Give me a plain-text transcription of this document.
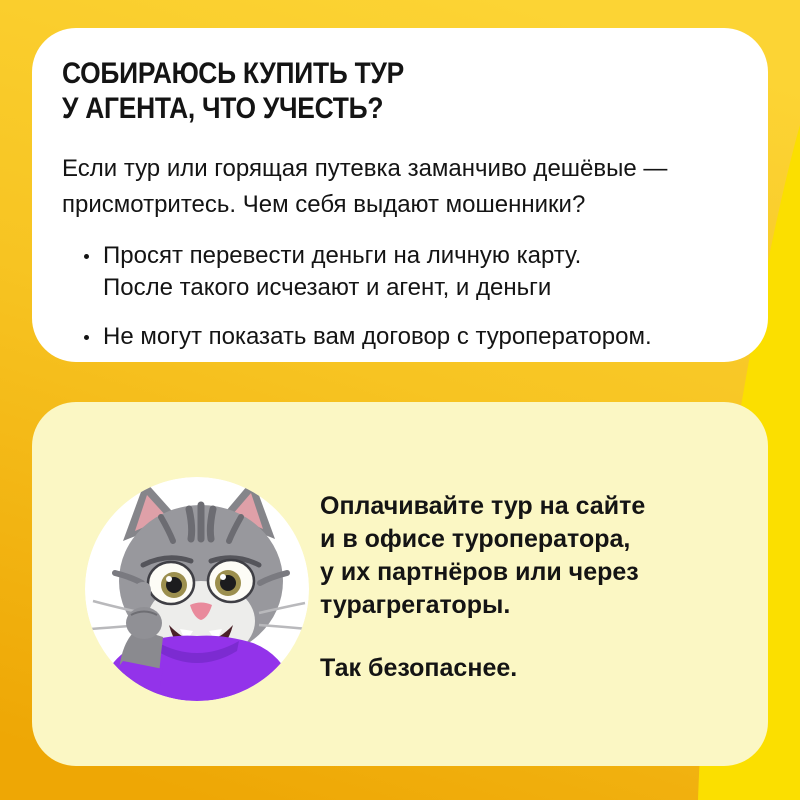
СОБИРАЮСЬ КУПИТЬ ТУР
У АГЕНТА, ЧТО УЧЕСТЬ?
Если тур или горящая путевка заманчиво дешёвые —
присмотритесь. Чем себя выдают мошенники?
Просят перевести деньги на личную карту.
После такого исчезают и агент, и деньги
Не могут показать вам договор с туроператором.
Оплачивайте тур на сайте
и в офисе туроператора,
у их партнёров или через
турагрегаторы.
Так безопаснее.
